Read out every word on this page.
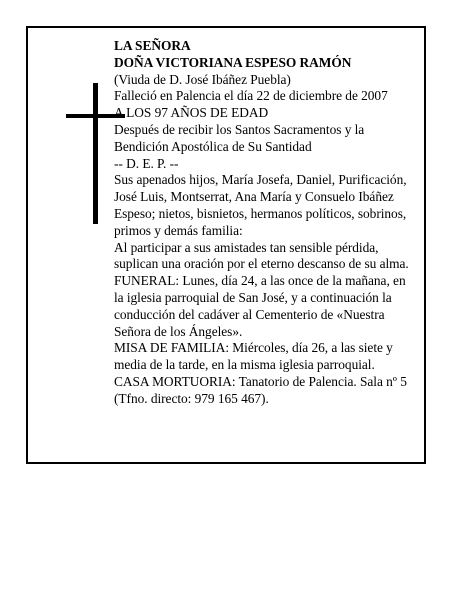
LA SEÑORA
DOÑA VICTORIANA ESPESO RAMÓN
(Viuda de D. José Ibáñez Puebla)
Falleció en Palencia el día 22 de diciembre de 2007
A LOS 97 AÑOS DE EDAD
Después de recibir los Santos Sacramentos y la Bendición Apostólica de Su Santidad
-- D. E. P. --
Sus apenados hijos, María Josefa, Daniel, Purificación, José Luis, Montserrat, Ana María y Consuelo Ibáñez Espeso; nietos, bisnietos, hermanos políticos, sobrinos, primos y demás familia:
Al participar a sus amistades tan sensible pérdida, suplican una oración por el eterno descanso de su alma.
FUNERAL: Lunes, día 24, a las once de la mañana, en la iglesia parroquial de San José, y a continuación la conducción del cadáver al Cementerio de «Nuestra Señora de los Ángeles».
MISA DE FAMILIA: Miércoles, día 26, a las siete y media de la tarde, en la misma iglesia parroquial.
CASA MORTUORIA: Tanatorio de Palencia. Sala nº 5 (Tfno. directo: 979 165 467).
